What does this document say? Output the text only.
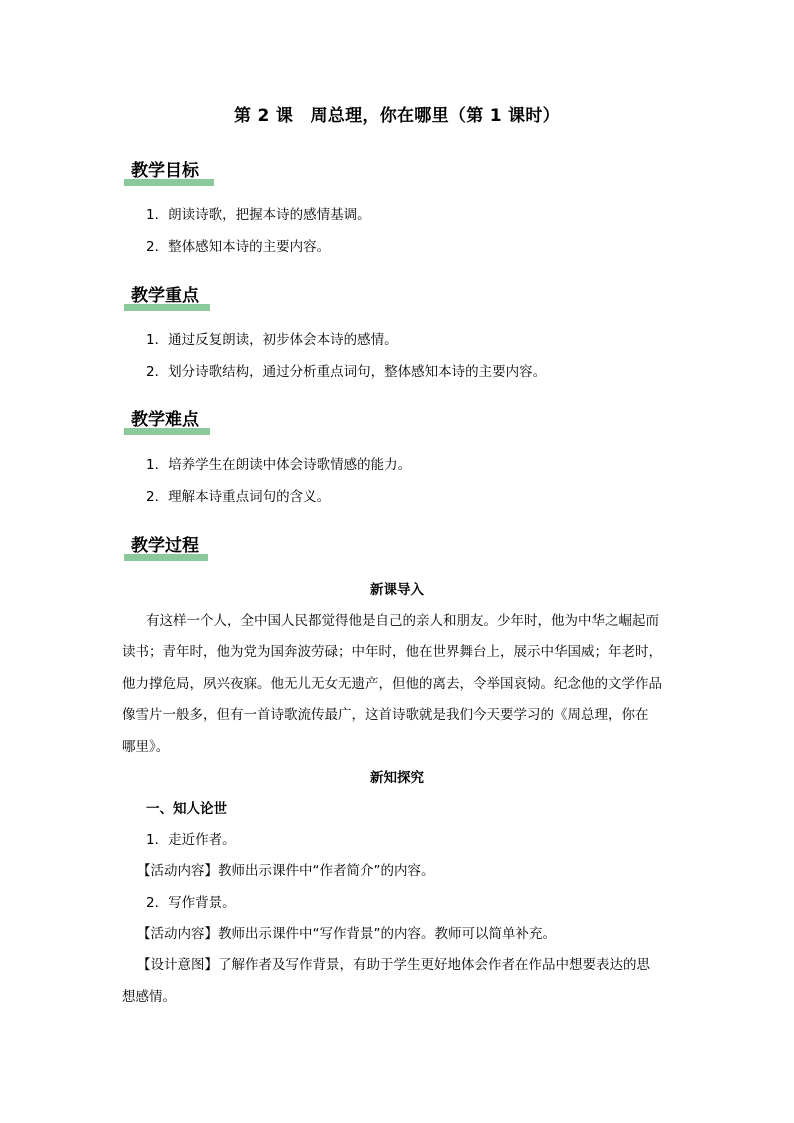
第 2 课　周总理，你在哪里（第 1 课时）
教学目标
1．朗读诗歌，把握本诗的感情基调。
2．整体感知本诗的主要内容。
教学重点
1．通过反复朗读，初步体会本诗的感情。
2．划分诗歌结构，通过分析重点词句，整体感知本诗的主要内容。
教学难点
1．培养学生在朗读中体会诗歌情感的能力。
2．理解本诗重点词句的含义。
教学过程
新课导入
有这样一个人，全中国人民都觉得他是自己的亲人和朋友。少年时，他为中华之崛起而
读书；青年时，他为党为国奔波劳碌；中年时，他在世界舞台上，展示中华国威；年老时，
他力撑危局，夙兴夜寐。他无儿无女无遗产，但他的离去，令举国哀恸。纪念他的文学作品
像雪片一般多，但有一首诗歌流传最广，这首诗歌就是我们今天要学习的《周总理，你在
哪里》。
新知探究
一、知人论世
1．走近作者。
【活动内容】教师出示课件中“作者简介”的内容。
2．写作背景。
【活动内容】教师出示课件中“写作背景”的内容。教师可以简单补充。
【设计意图】了解作者及写作背景，有助于学生更好地体会作者在作品中想要表达的思
想感情。
